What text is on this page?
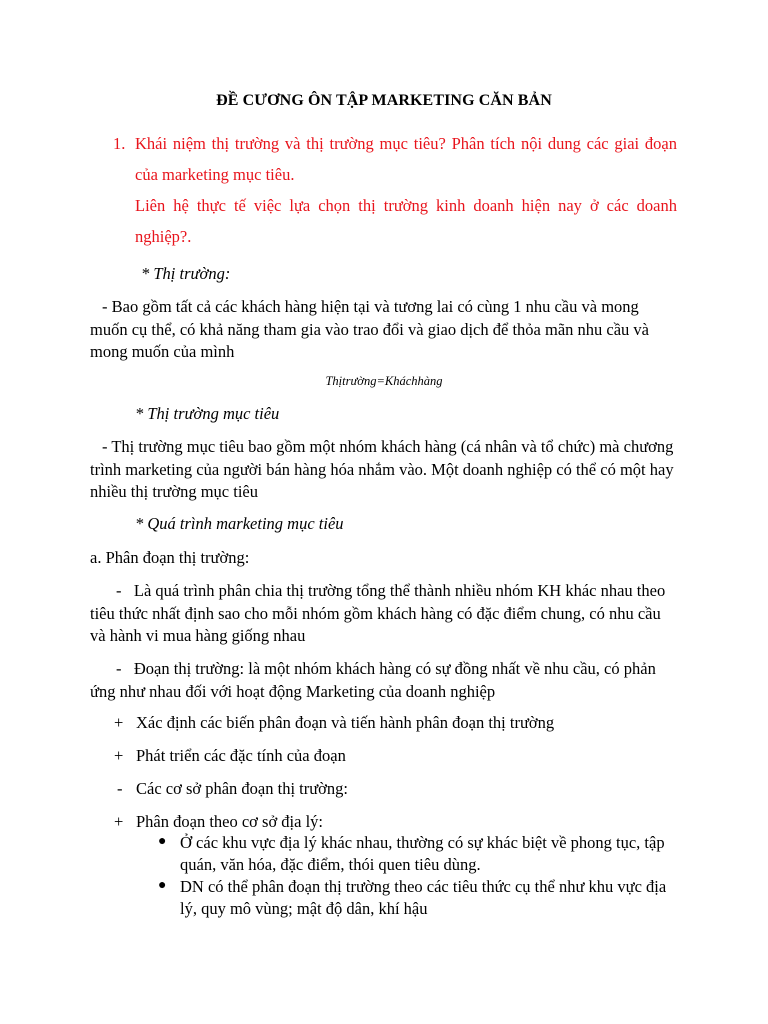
ĐỀ CƯƠNG ÔN TẬP MARKETING CĂN BẢN
1. Khái niệm thị trường và thị trường mục tiêu? Phân tích nội dung các giai đoạn của marketing mục tiêu.
Liên hệ thực tế việc lựa chọn thị trường kinh doanh hiện nay ở các doanh nghiệp?.
* Thị trường:
- Bao gồm tất cả các khách hàng hiện tại và tương lai có cùng 1 nhu cầu và mong muốn cụ thể, có khả năng tham gia vào trao đổi và giao dịch để thỏa mãn nhu cầu và mong muốn của mình
Thịtrường=Kháchhàng
* Thị trường mục tiêu
- Thị trường mục tiêu bao gồm một nhóm khách hàng (cá nhân và tổ chức) mà chương trình marketing của người bán hàng hóa nhắm vào. Một doanh nghiệp có thể có một hay nhiều thị trường mục tiêu
* Quá trình marketing mục tiêu
a. Phân đoạn thị trường:
- Là quá trình phân chia thị trường tổng thể thành nhiều nhóm KH khác nhau theo tiêu thức nhất định sao cho mỗi nhóm gồm khách hàng có đặc điểm chung, có nhu cầu và hành vi mua hàng giống nhau
- Đoạn thị trường: là một nhóm khách hàng có sự đồng nhất về nhu cầu, có phản ứng như nhau đối với hoạt động Marketing của doanh nghiệp
+ Xác định các biến phân đoạn và tiến hành phân đoạn thị trường
+ Phát triển các đặc tính của đoạn
- Các cơ sở phân đoạn thị trường:
+ Phân đoạn theo cơ sở địa lý:
● Ở các khu vực địa lý khác nhau, thường có sự khác biệt về phong tục, tập quán, văn hóa, đặc điểm, thói quen tiêu dùng.
● DN có thể phân đoạn thị trường theo các tiêu thức cụ thể như khu vực địa lý, quy mô vùng; mật độ dân, khí hậu
